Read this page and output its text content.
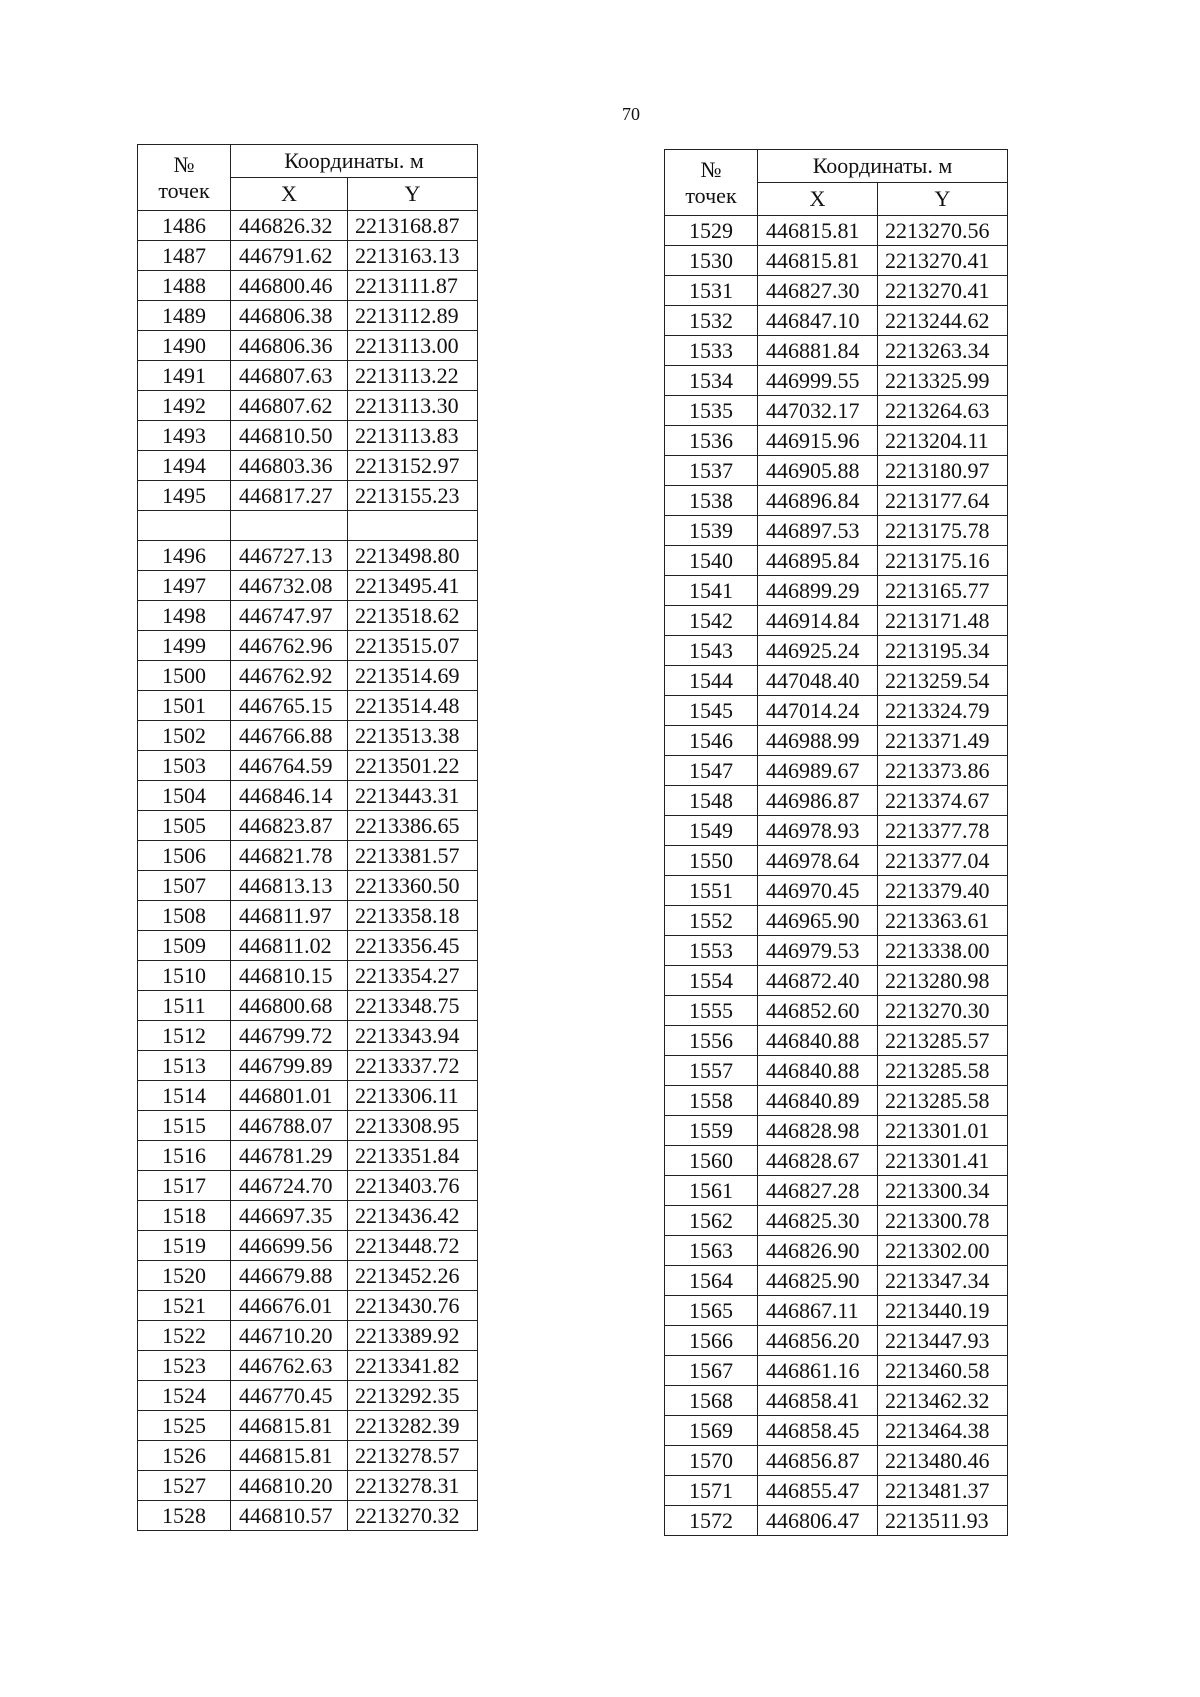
70
№
точек	Координаты. м	
	X	Y
1486	446826.32	2213168.87
1487	446791.62	2213163.13
1488	446800.46	2213111.87
1489	446806.38	2213112.89
1490	446806.36	2213113.00
1491	446807.63	2213113.22
1492	446807.62	2213113.30
1493	446810.50	2213113.83
1494	446803.36	2213152.97
1495	446817.27	2213155.23

1496	446727.13	2213498.80
1497	446732.08	2213495.41
1498	446747.97	2213518.62
1499	446762.96	2213515.07
1500	446762.92	2213514.69
1501	446765.15	2213514.48
1502	446766.88	2213513.38
1503	446764.59	2213501.22
1504	446846.14	2213443.31
1505	446823.87	2213386.65
1506	446821.78	2213381.57
1507	446813.13	2213360.50
1508	446811.97	2213358.18
1509	446811.02	2213356.45
1510	446810.15	2213354.27
1511	446800.68	2213348.75
1512	446799.72	2213343.94
1513	446799.89	2213337.72
1514	446801.01	2213306.11
1515	446788.07	2213308.95
1516	446781.29	2213351.84
1517	446724.70	2213403.76
1518	446697.35	2213436.42
1519	446699.56	2213448.72
1520	446679.88	2213452.26
1521	446676.01	2213430.76
1522	446710.20	2213389.92
1523	446762.63	2213341.82
1524	446770.45	2213292.35
1525	446815.81	2213282.39
1526	446815.81	2213278.57
1527	446810.20	2213278.31
1528	446810.57	2213270.32
№
точек	Координаты. м	
	X	Y
1529	446815.81	2213270.56
1530	446815.81	2213270.41
1531	446827.30	2213270.41
1532	446847.10	2213244.62
1533	446881.84	2213263.34
1534	446999.55	2213325.99
1535	447032.17	2213264.63
1536	446915.96	2213204.11
1537	446905.88	2213180.97
1538	446896.84	2213177.64
1539	446897.53	2213175.78
1540	446895.84	2213175.16
1541	446899.29	2213165.77
1542	446914.84	2213171.48
1543	446925.24	2213195.34
1544	447048.40	2213259.54
1545	447014.24	2213324.79
1546	446988.99	2213371.49
1547	446989.67	2213373.86
1548	446986.87	2213374.67
1549	446978.93	2213377.78
1550	446978.64	2213377.04
1551	446970.45	2213379.40
1552	446965.90	2213363.61
1553	446979.53	2213338.00
1554	446872.40	2213280.98
1555	446852.60	2213270.30
1556	446840.88	2213285.57
1557	446840.88	2213285.58
1558	446840.89	2213285.58
1559	446828.98	2213301.01
1560	446828.67	2213301.41
1561	446827.28	2213300.34
1562	446825.30	2213300.78
1563	446826.90	2213302.00
1564	446825.90	2213347.34
1565	446867.11	2213440.19
1566	446856.20	2213447.93
1567	446861.16	2213460.58
1568	446858.41	2213462.32
1569	446858.45	2213464.38
1570	446856.87	2213480.46
1571	446855.47	2213481.37
1572	446806.47	2213511.93
